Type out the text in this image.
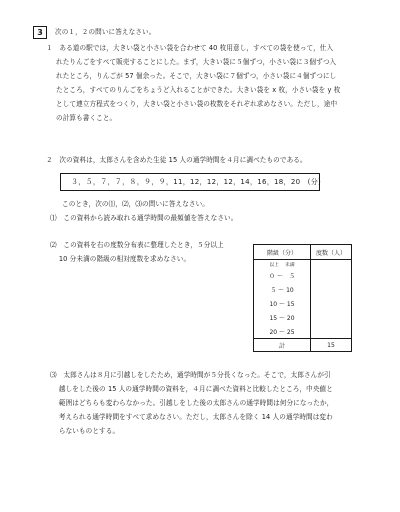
3	次の１，２の問いに答えなさい。
１　ある道の駅では，大きい袋と小さい袋を合わせて 40 枚用意し，すべての袋を使って，仕入
れたりんごをすべて販売することにした。まず，大きい袋に５個ずつ，小さい袋に３個ずつ入
れたところ，りんごが 57 個余った。そこで，大きい袋に７個ずつ，小さい袋に４個ずつにし
たところ，すべてのりんごをちょうど入れることができた。大きい袋を x 枚，小さい袋を y 枚
として連立方程式をつくり，大きい袋と小さい袋の枚数をそれぞれ求めなさい。ただし，途中
の計算も書くこと。
２　次の資料は，太郎さんを含めた生徒 15 人の通学時間を４月に調べたものである。
３，５，７，７，８，９，９，11，12，12，12，14，16，18，20　(分)
このとき，次の⑴，⑵，⑶の問いに答えなさい。
⑴　この資料から読み取れる通学時間の最頻値を答えなさい。
⑵　この資料を右の度数分布表に整理したとき，５分以上
　 10 分未満の階級の相対度数を求めなさい。
階級（分）	度数（人）
以上 未満	
０ 〜　５	
５ 〜 10	
10 〜 15	
15 〜 20	
20 〜 25	
計	15
⑶　太郎さんは８月に引越しをしたため，通学時間が５分長くなった。そこで，太郎さんが引
　 越しをした後の 15 人の通学時間の資料を，４月に調べた資料と比較したところ，中央値と
　 範囲はどちらも変わらなかった。引越しをした後の太郎さんの通学時間は何分になったか，
　 考えられる通学時間をすべて求めなさい。ただし，太郎さんを除く 14 人の通学時間は変わ
　 らないものとする。
